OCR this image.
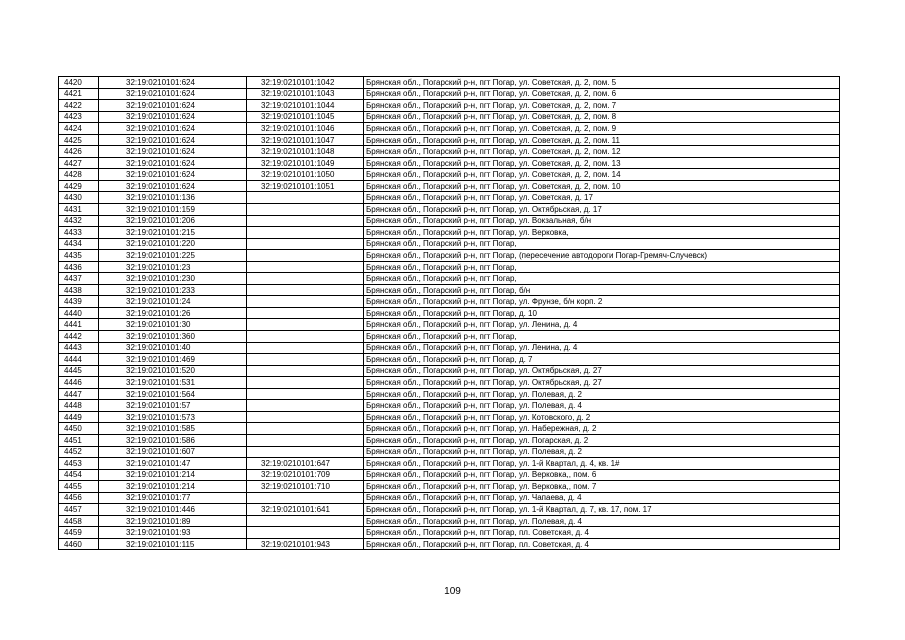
4420	32:19:0210101:624	32:19:0210101:1042	Брянская обл., Погарский р-н, пгт Погар, ул. Советская, д. 2, пом. 5
4421	32:19:0210101:624	32:19:0210101:1043	Брянская обл., Погарский р-н, пгт Погар, ул. Советская, д. 2, пом. 6
4422	32:19:0210101:624	32:19:0210101:1044	Брянская обл., Погарский р-н, пгт Погар, ул. Советская, д. 2, пом. 7
4423	32:19:0210101:624	32:19:0210101:1045	Брянская обл., Погарский р-н, пгт Погар, ул. Советская, д. 2, пом. 8
4424	32:19:0210101:624	32:19:0210101:1046	Брянская обл., Погарский р-н, пгт Погар, ул. Советская, д. 2, пом. 9
4425	32:19:0210101:624	32:19:0210101:1047	Брянская обл., Погарский р-н, пгт Погар, ул. Советская, д. 2, пом. 11
4426	32:19:0210101:624	32:19:0210101:1048	Брянская обл., Погарский р-н, пгт Погар, ул. Советская, д. 2, пом. 12
4427	32:19:0210101:624	32:19:0210101:1049	Брянская обл., Погарский р-н, пгт Погар, ул. Советская, д. 2, пом. 13
4428	32:19:0210101:624	32:19:0210101:1050	Брянская обл., Погарский р-н, пгт Погар, ул. Советская, д. 2, пом. 14
4429	32:19:0210101:624	32:19:0210101:1051	Брянская обл., Погарский р-н, пгт Погар, ул. Советская, д. 2, пом. 10
4430	32:19:0210101:136		Брянская обл., Погарский р-н, пгт Погар, ул. Советская, д. 17
4431	32:19:0210101:159		Брянская обл., Погарский р-н, пгт Погар, ул. Октябрьская, д. 17
4432	32:19:0210101:206		Брянская обл., Погарский р-н, пгт Погар, ул. Вокзальная, б/н
4433	32:19:0210101:215		Брянская обл., Погарский р-н, пгт Погар, ул. Верковка,
4434	32:19:0210101:220		Брянская обл., Погарский р-н, пгт Погар,
4435	32:19:0210101:225		Брянская обл., Погарский р-н, пгт Погар, (пересечение автодороги Погар-Гремяч-Случевск)
4436	32:19:0210101:23		Брянская обл., Погарский р-н, пгт Погар,
4437	32:19:0210101:230		Брянская обл., Погарский р-н, пгт Погар,
4438	32:19:0210101:233		Брянская обл., Погарский р-н, пгт Погар, б/н
4439	32:19:0210101:24		Брянская обл., Погарский р-н, пгт Погар, ул. Фрунзе, б/н корп. 2
4440	32:19:0210101:26		Брянская обл., Погарский р-н, пгт Погар, д. 10
4441	32:19:0210101:30		Брянская обл., Погарский р-н, пгт Погар, ул. Ленина, д. 4
4442	32:19:0210101:360		Брянская обл., Погарский р-н, пгт Погар,
4443	32:19:0210101:40		Брянская обл., Погарский р-н, пгт Погар, ул. Ленина, д. 4
4444	32:19:0210101:469		Брянская обл., Погарский р-н, пгт Погар, д. 7
4445	32:19:0210101:520		Брянская обл., Погарский р-н, пгт Погар, ул. Октябрьская, д. 27
4446	32:19:0210101:531		Брянская обл., Погарский р-н, пгт Погар, ул. Октябрьская, д. 27
4447	32:19:0210101:564		Брянская обл., Погарский р-н, пгт Погар, ул. Полевая, д. 2
4448	32:19:0210101:57		Брянская обл., Погарский р-н, пгт Погар, ул. Полевая, д. 4
4449	32:19:0210101:573		Брянская обл., Погарский р-н, пгт Погар, ул. Котовского, д. 2
4450	32:19:0210101:585		Брянская обл., Погарский р-н, пгт Погар, ул. Набережная, д. 2
4451	32:19:0210101:586		Брянская обл., Погарский р-н, пгт Погар, ул. Погарская, д. 2
4452	32:19:0210101:607		Брянская обл., Погарский р-н, пгт Погар, ул. Полевая, д. 2
4453	32:19:0210101:47	32:19:0210101:647	Брянская обл., Погарский р-н, пгт Погар, ул. 1-й Квартал, д. 4, кв. 1#
4454	32:19:0210101:214	32:19:0210101:709	Брянская обл., Погарский р-н, пгт Погар, ул. Верковка,, пом. 6
4455	32:19:0210101:214	32:19:0210101:710	Брянская обл., Погарский р-н, пгт Погар, ул. Верковка,, пом. 7
4456	32:19:0210101:77		Брянская обл., Погарский р-н, пгт Погар, ул. Чапаева, д. 4
4457	32:19:0210101:446	32:19:0210101:641	Брянская обл., Погарский р-н, пгт Погар, ул. 1-й Квартал, д. 7, кв. 17, пом. 17
4458	32:19:0210101:89		Брянская обл., Погарский р-н, пгт Погар, ул. Полевая, д. 4
4459	32:19:0210101:93		Брянская обл., Погарский р-н, пгт Погар, пл. Советская, д. 4
4460	32:19:0210101:115	32:19:0210101:943	Брянская обл., Погарский р-н, пгт Погар, пл. Советская, д. 4
109
